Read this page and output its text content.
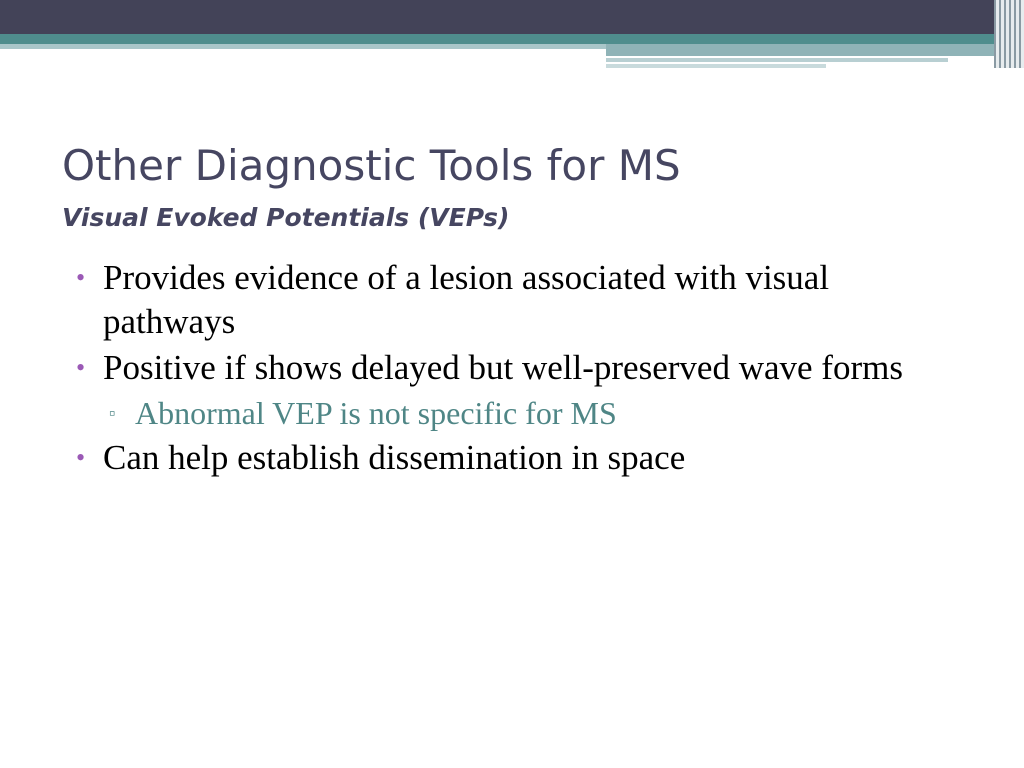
Other Diagnostic Tools for MS
Visual Evoked Potentials (VEPs)
• Provides evidence of a lesion associated with visual pathways
• Positive if shows delayed but well-preserved wave forms
▫ Abnormal VEP is not specific for MS
• Can help establish dissemination in space
